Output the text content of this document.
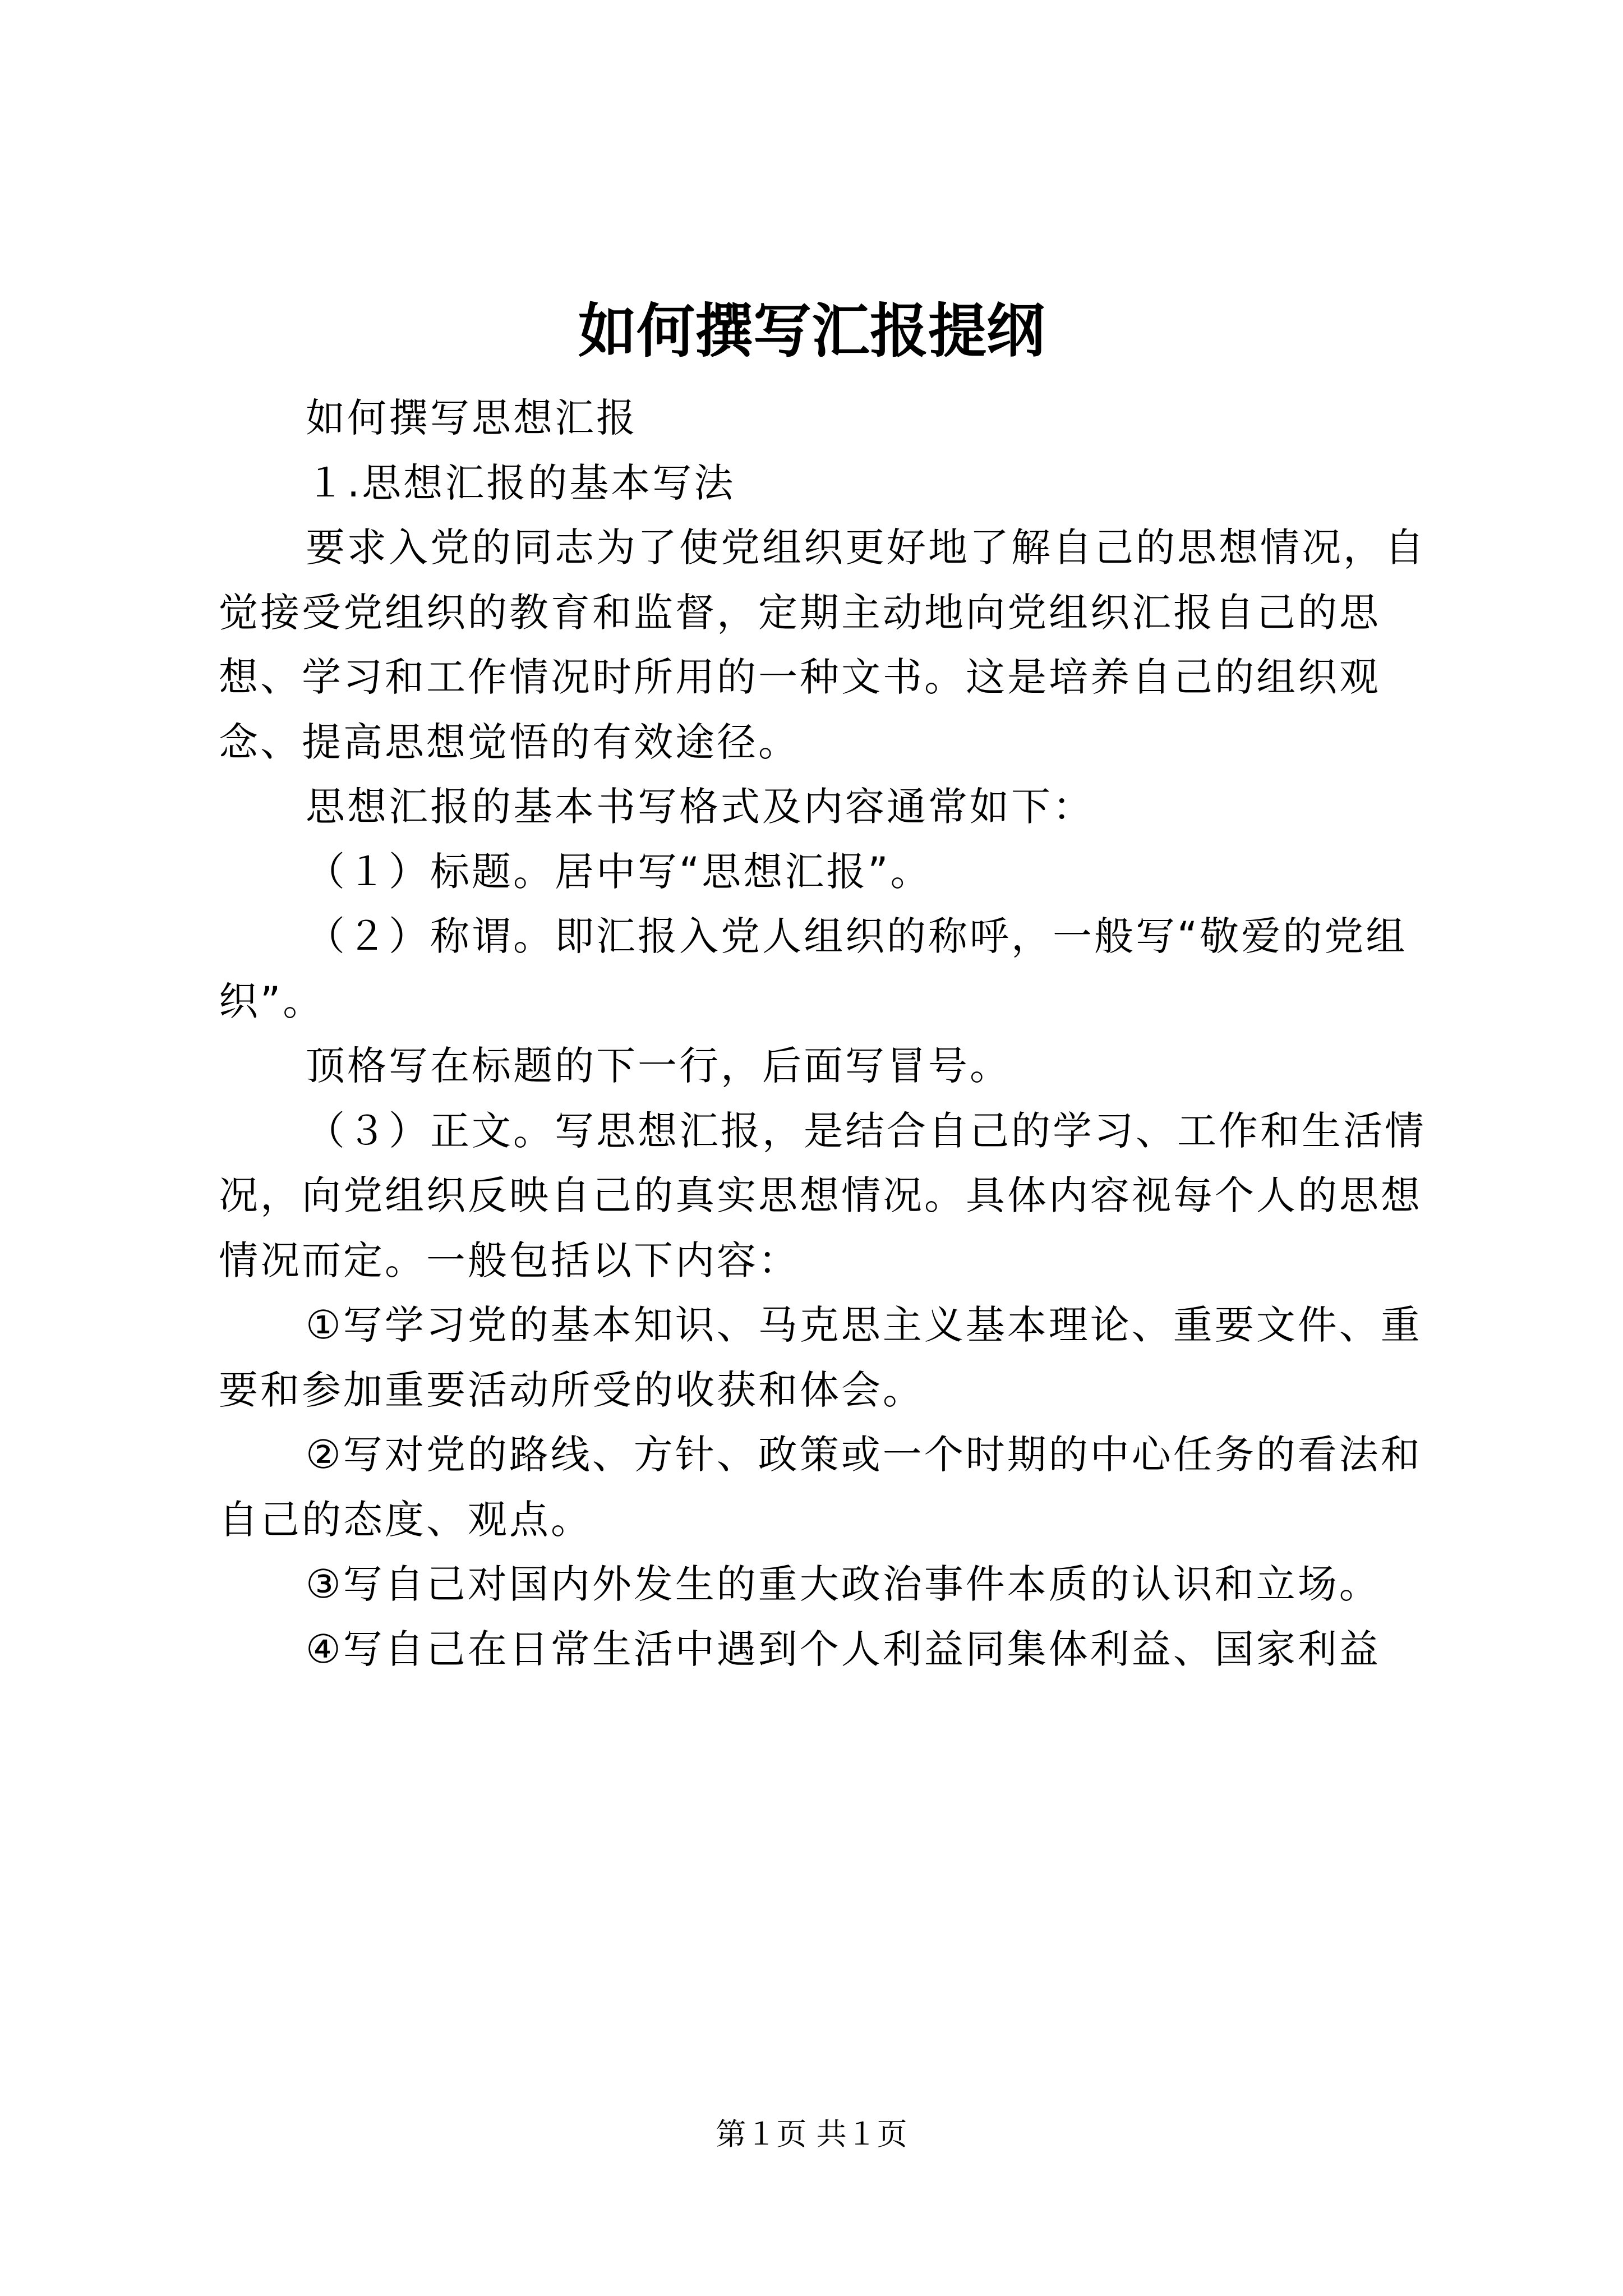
如何撰写汇报提纲

如何撰写思想汇报

１.思想汇报的基本写法

要求入党的同志为了使党组织更好地了解自己的思想情况，自觉接受党组织的教育和监督，定期主动地向党组织汇报自己的思想、学习和工作情况时所用的一种文书。这是培养自己的组织观念、提高思想觉悟的有效途径。

思想汇报的基本书写格式及内容通常如下：

（１）标题。居中写“思想汇报”。

（２）称谓。即汇报入党人组织的称呼，一般写“敬爱的党组织”。

顶格写在标题的下一行，后面写冒号。

（３）正文。写思想汇报，是结合自己的学习、工作和生活情况，向党组织反映自己的真实思想情况。具体内容视每个人的思想情况而定。一般包括以下内容：

①写学习党的基本知识、马克思主义基本理论、重要文件、重要和参加重要活动所受的收获和体会。

②写对党的路线、方针、政策或一个时期的中心任务的看法和自己的态度、观点。

③写自己对国内外发生的重大政治事件本质的认识和立场。

④写自己在日常生活中遇到个人利益同集体利益、国家利益

第１页 共１页
